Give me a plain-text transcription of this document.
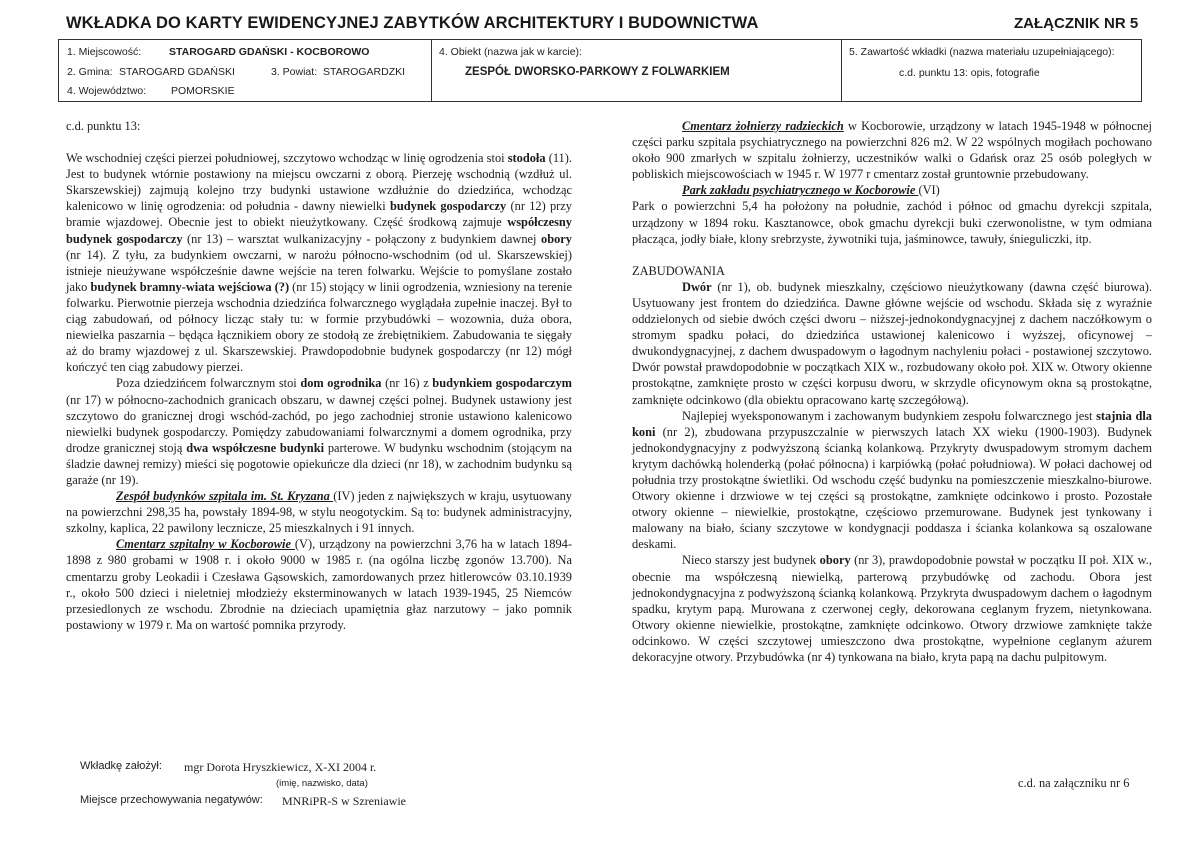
WKŁADKA DO KARTY EWIDENCYJNEJ ZABYTKÓW ARCHITEKTURY I BUDOWNICTWA	ZAŁĄCZNIK NR 5
1. Miejscowość:	STAROGARD GDAŃSKI - KOCBOROWO
2. Gmina: STAROGARD GDAŃSKI	3. Powiat: STAROGARDZKI
4. Województwo: POMORSKIE
4. Obiekt (nazwa jak w karcie):
ZESPÓŁ DWORSKO-PARKOWY Z FOLWARKIEM
5. Zawartość wkładki (nazwa materiału uzupełniającego):
c.d. punktu 13: opis, fotografie

c.d. punktu 13:

We wschodniej części pierzei południowej, szczytowo wchodząc w linię ogrodzenia stoi stodoła (11). Jest to budynek wtórnie postawiony na miejscu owczarni z oborą. Pierzeję wschodnią (wzdłuż ul. Skarszewskiej) zajmują kolejno trzy budynki ustawione wzdłużnie do dziedzińca, wchodząc kalenicowo w linię ogrodzenia: od południa - dawny niewielki budynek gospodarczy (nr 12) przy bramie wjazdowej. Obecnie jest to obiekt nieużytkowany. Część środkową zajmuje współczesny budynek gospodarczy (nr 13) – warsztat wulkanizacyjny - połączony z budynkiem dawnej obory (nr 14). Z tyłu, za budynkiem owczarni, w narożu północno-wschodnim (od ul. Skarszewskiej) istnieje nieużywane współcześnie dawne wejście na teren folwarku. Wejście to pomyślane zostało jako budynek bramny-wiata wejściowa (?) (nr 15) stojący w linii ogrodzenia, wzniesiony na terenie folwarku. Pierwotnie pierzeja wschodnia dziedzińca folwarcznego wyglądała zupełnie inaczej. Był to ciąg zabudowań, od północy licząc stały tu: w formie przybudówki – wozownia, duża obora, niewielka paszarnia – będąca łącznikiem obory ze stodołą ze źrebiętnikiem. Zabudowania te sięgały aż do bramy wjazdowej z ul. Skarszewskiej. Prawdopodobnie budynek gospodarczy (nr 12) mógł kończyć ten ciąg zabudowy pierzei.

Poza dziedzińcem folwarcznym stoi dom ogrodnika (nr 16) z budynkiem gospodarczym (nr 17) w północno-zachodnich granicach obszaru, w dawnej części polnej. Budynek ustawiony jest szczytowo do granicznej drogi wschód-zachód, po jego zachodniej stronie ustawiono kalenicowo niewielki budynek gospodarczy. Pomiędzy zabudowaniami folwarcznymi a domem ogrodnika, przy drodze granicznej stoją dwa współczesne budynki parterowe. W budynku wschodnim (stojącym na śladzie dawnej remizy) mieści się pogotowie opiekuńcze dla dzieci (nr 18), w zachodnim budynku są garaże (nr 19).

Zespół budynków szpitala im. St. Kryzana (IV) jeden z największych w kraju, usytuowany na powierzchni 298,35 ha, powstały 1894-98, w stylu neogotyckim. Są to: budynek administracyjny, szkolny, kaplica, 22 pawilony lecznicze, 25 mieszkalnych i 91 innych.

Cmentarz szpitalny w Kocborowie (V), urządzony na powierzchni 3,76 ha w latach 1894-1898 z 980 grobami w 1908 r. i około 9000 w 1985 r. (na ogólna liczbę zgonów 13.700). Na cmentarzu groby Leokadii i Czesława Gąsowskich, zamordowanych przez hitlerowców 03.10.1939 r., około 500 dzieci i nieletniej młodzieży eksterminowanych w latach 1939-1945, 25 Niemców przesiedlonych ze wschodu. Zbrodnie na dzieciach upamiętnia głaz narzutowy – jako pomnik postawiony w 1979 r. Ma on wartość pomnika przyrody.

Cmentarz żołnierzy radzieckich w Kocborowie, urządzony w latach 1945-1948 w północnej części parku szpitala psychiatrycznego na powierzchni 826 m2. W 22 wspólnych mogiłach pochowano około 900 zmarłych w szpitalu żołnierzy, uczestników walki o Gdańsk oraz 25 osób poległych w pobliskich miejscowościach w 1945 r. W 1977 r cmentarz został gruntownie przebudowany.

Park zakładu psychiatrycznego w Kocborowie (VI)

Park o powierzchni 5,4 ha położony na południe, zachód i północ od gmachu dyrekcji szpitala, urządzony w 1894 roku. Kasztanowce, obok gmachu dyrekcji buki czerwonolistne, w tym odmiana płacząca, jodły białe, klony srebrzyste, żywotniki tuja, jaśminowce, tawuły, śnieguliczki, itp.

ZABUDOWANIA

Dwór (nr 1), ob. budynek mieszkalny, częściowo nieużytkowany (dawna część biurowa). Usytuowany jest frontem do dziedzińca. Dawne główne wejście od wschodu. Składa się z wyraźnie oddzielonych od siebie dwóch części dworu – niższej-jednokondygnacyjnej z dachem naczółkowym o stromym spadku połaci, do dziedzińca ustawionej kalenicowo i wyższej, oficynowej – dwukondygnacyjnej, z dachem dwuspadowym o łagodnym nachyleniu połaci - postawionej szczytowo. Dwór powstał prawdopodobnie w początkach XIX w., rozbudowany około poł. XIX w. Otwory okienne prostokątne, zamknięte prosto w części korpusu dworu, w skrzydle oficynowym okna są prostokątne, zamknięte odcinkowo (dla obiektu opracowano kartę szczegółową).

Najlepiej wyeksponowanym i zachowanym budynkiem zespołu folwarcznego jest stajnia dla koni (nr 2), zbudowana przypuszczalnie w pierwszych latach XX wieku (1900-1903). Budynek jednokondygnacyjny z podwyższoną ścianką kolankową. Przykryty dwuspadowym stromym dachem krytym dachówką holenderką (połać północna) i karpiówką (połać południowa). W połaci dachowej od południa trzy prostokątne świetliki. Od wschodu część budynku na pomieszczenie mieszkalno-biurowe. Otwory okienne i drzwiowe w tej części są prostokątne, zamknięte odcinkowo i prosto. Pozostałe otwory okienne – niewielkie, prostokątne, częściowo przemurowane. Budynek jest tynkowany i malowany na biało, ściany szczytowe w kondygnacji poddasza i ścianka kolankowa są oszalowane deskami.

Nieco starszy jest budynek obory (nr 3), prawdopodobnie powstał w początku II poł. XIX w., obecnie ma współczesną niewielką, parterową przybudówkę od zachodu. Obora jest jednokondygnacyjna z podwyższoną ścianką kolankową. Przykryta dwuspadowym dachem o łagodnym spadku, krytym papą. Murowana z czerwonej cegły, dekorowana ceglanym fryzem, nietynkowana. Otwory okienne niewielkie, prostokątne, zamknięte odcinkowo. Otwory drzwiowe zamknięte także odcinkowo. W części szczytowej umieszczono dwa prostokątne, wypełnione ceglanym ażurem dekoracyjne otwory. Przybudówka (nr 4) tynkowana na biało, kryta papą na dachu pulpitowym.

Wkładkę założył: mgr Dorota Hryszkiewicz, X-XI 2004 r.
(imię, nazwisko, data)
Miejsce przechowywania negatywów: MNRiPR-S w Szreniawie
c.d. na załączniku nr 6
